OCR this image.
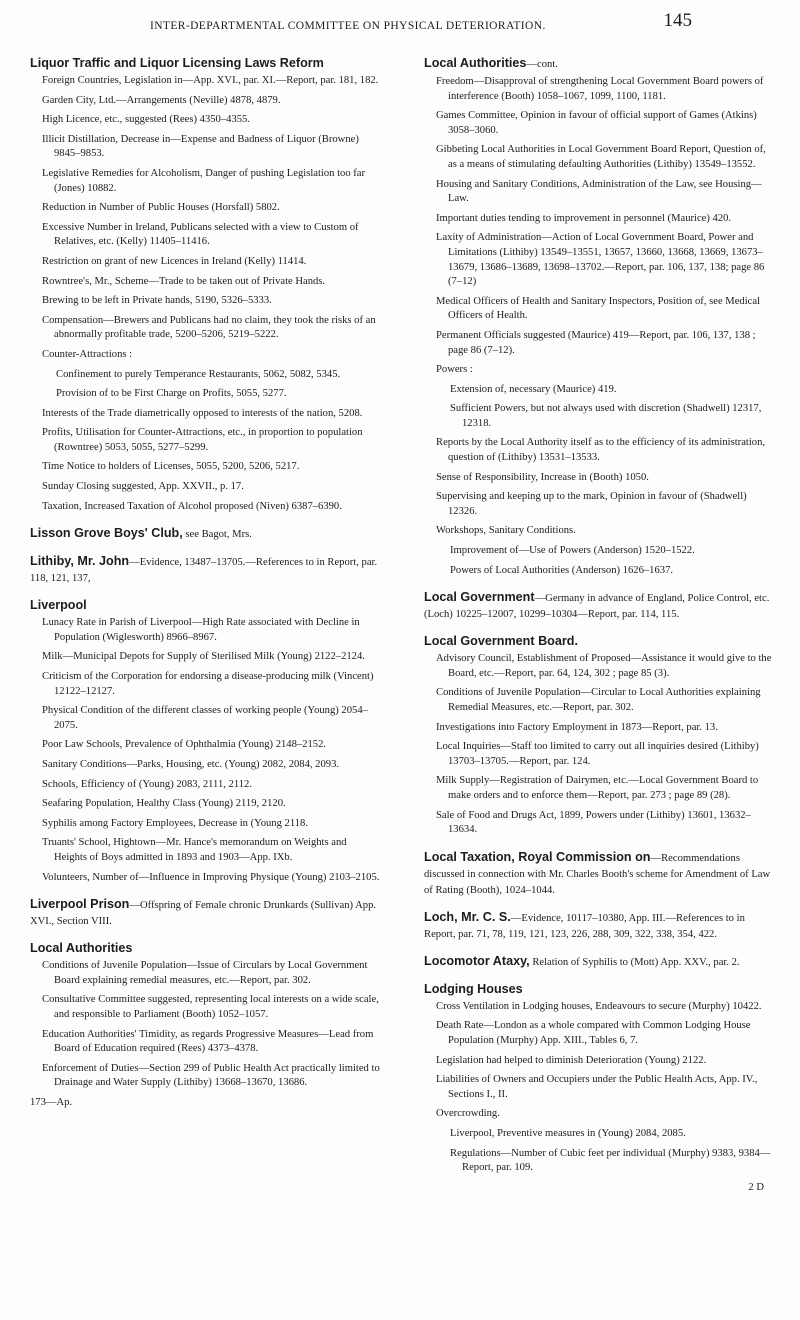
INTER-DEPARTMENTAL COMMITTEE ON PHYSICAL DETERIORATION.	145
Liquor Traffic and Liquor Licensing Laws Reform
Foreign Countries, Legislation in—App. XVI., par. XI.—Report, par. 181, 182.
Garden City, Ltd.—Arrangements (Neville) 4878, 4879.
High Licence, etc., suggested (Rees) 4350–4355.
Illicit Distillation, Decrease in—Expense and Badness of Liquor (Browne) 9845–9853.
Legislative Remedies for Alcoholism, Danger of pushing Legislation too far (Jones) 10882.
Reduction in Number of Public Houses (Horsfall) 5802.
Excessive Number in Ireland, Publicans selected with a view to Custom of Relatives, etc. (Kelly) 11405–11416.
Restriction on grant of new Licences in Ireland (Kelly) 11414.
Rowntree's, Mr., Scheme—Trade to be taken out of Private Hands.
Brewing to be left in Private hands, 5190, 5326–5333.
Compensation—Brewers and Publicans had no claim, they took the risks of an abnormally profitable trade, 5200–5206, 5219–5222.
Counter-Attractions :
Confinement to purely Temperance Restaurants, 5062, 5082, 5345.
Provision of to be First Charge on Profits, 5055, 5277.
Interests of the Trade diametrically opposed to interests of the nation, 5208.
Profits, Utilisation for Counter-Attractions, etc., in proportion to population (Rowntree) 5053, 5055, 5277–5299.
Time Notice to holders of Licenses, 5055, 5200, 5206, 5217.
Sunday Closing suggested, App. XXVII., p. 17.
Taxation, Increased Taxation of Alcohol proposed (Niven) 6387–6390.
Lisson Grove Boys' Club, see Bagot, Mrs.
Lithiby, Mr. John—Evidence, 13487–13705.—References to in Report, par. 118, 121, 137,
Liverpool
Lunacy Rate in Parish of Liverpool—High Rate associated with Decline in Population (Wiglesworth) 8966–8967.
Milk—Municipal Depots for Supply of Sterilised Milk (Young) 2122–2124.
Criticism of the Corporation for endorsing a disease-producing milk (Vincent) 12122–12127.
Physical Condition of the different classes of working people (Young) 2054–2075.
Poor Law Schools, Prevalence of Ophthalmia (Young) 2148–2152.
Sanitary Conditions—Parks, Housing, etc. (Young) 2082, 2084, 2093.
Schools, Efficiency of (Young) 2083, 2111, 2112.
Seafaring Population, Healthy Class (Young) 2119, 2120.
Syphilis among Factory Employees, Decrease in (Young 2118.
Truants' School, Hightown—Mr. Hance's memorandum on Weights and Heights of Boys admitted in 1893 and 1903—App. IXb.
Volunteers, Number of—Influence in Improving Physique (Young) 2103–2105.
Liverpool Prison—Offspring of Female chronic Drunkards (Sullivan) App. XVI., Section VIII.
Local Authorities
Conditions of Juvenile Population—Issue of Circulars by Local Government Board explaining remedial measures, etc.—Report, par. 302.
Consultative Committee suggested, representing local interests on a wide scale, and responsible to Parliament (Booth) 1052–1057.
Education Authorities' Timidity, as regards Progressive Measures—Lead from Board of Education required (Rees) 4373–4378.
Enforcement of Duties—Section 299 of Public Health Act practically limited to Drainage and Water Supply (Lithiby) 13668–13670, 13686.
173—Ap.
Local Authorities—cont.
Freedom—Disapproval of strengthening Local Government Board powers of interference (Booth) 1058–1067, 1099, 1100, 1181.
Games Committee, Opinion in favour of official support of Games (Atkins) 3058–3060.
Gibbeting Local Authorities in Local Government Board Report, Question of, as a means of stimulating defaulting Authorities (Lithiby) 13549–13552.
Housing and Sanitary Conditions, Administration of the Law, see Housing—Law.
Important duties tending to improvement in personnel (Maurice) 420.
Laxity of Administration—Action of Local Government Board, Power and Limitations (Lithiby) 13549–13551, 13657, 13660, 13668, 13669, 13673–13679, 13686–13689, 13698–13702.—Report, par. 106, 137, 138; page 86 (7–12)
Medical Officers of Health and Sanitary Inspectors, Position of, see Medical Officers of Health.
Permanent Officials suggested (Maurice) 419—Report, par. 106, 137, 138 ; page 86 (7–12).
Powers :
Extension of, necessary (Maurice) 419.
Sufficient Powers, but not always used with discretion (Shadwell) 12317, 12318.
Reports by the Local Authority itself as to the efficiency of its administration, question of (Lithiby) 13531–13533.
Sense of Responsibility, Increase in (Booth) 1050.
Supervising and keeping up to the mark, Opinion in favour of (Shadwell) 12326.
Workshops, Sanitary Conditions.
Improvement of—Use of Powers (Anderson) 1520–1522.
Powers of Local Authorities (Anderson) 1626–1637.
Local Government—Germany in advance of England, Police Control, etc. (Loch) 10225–12007, 10299–10304—Report, par. 114, 115.
Local Government Board.
Advisory Council, Establishment of Proposed—Assistance it would give to the Board, etc.—Report, par. 64, 124, 302 ; page 85 (3).
Conditions of Juvenile Population—Circular to Local Authorities explaining Remedial Measures, etc.—Report, par. 302.
Investigations into Factory Employment in 1873—Report, par. 13.
Local Inquiries—Staff too limited to carry out all inquiries desired (Lithiby) 13703–13705.—Report, par. 124.
Milk Supply—Registration of Dairymen, etc.—Local Government Board to make orders and to enforce them—Report, par. 273 ; page 89 (28).
Sale of Food and Drugs Act, 1899, Powers under (Lithiby) 13601, 13632–13634.
Local Taxation, Royal Commission on—Recommendations discussed in connection with Mr. Charles Booth's scheme for Amendment of Law of Rating (Booth), 1024–1044.
Loch, Mr. C. S.—Evidence, 10117–10380, App. III.—References to in Report, par. 71, 78, 119, 121, 123, 226, 288, 309, 322, 338, 354, 422.
Locomotor Ataxy, Relation of Syphilis to (Mott) App. XXV., par. 2.
Lodging Houses
Cross Ventilation in Lodging houses, Endeavours to secure (Murphy) 10422.
Death Rate—London as a whole compared with Common Lodging House Population (Murphy) App. XIII., Tables 6, 7.
Legislation had helped to diminish Deterioration (Young) 2122.
Liabilities of Owners and Occupiers under the Public Health Acts, App. IV., Sections I., II.
Overcrowding.
Liverpool, Preventive measures in (Young) 2084, 2085.
Regulations—Number of Cubic feet per individual (Murphy) 9383, 9384—Report, par. 109.
2 D
